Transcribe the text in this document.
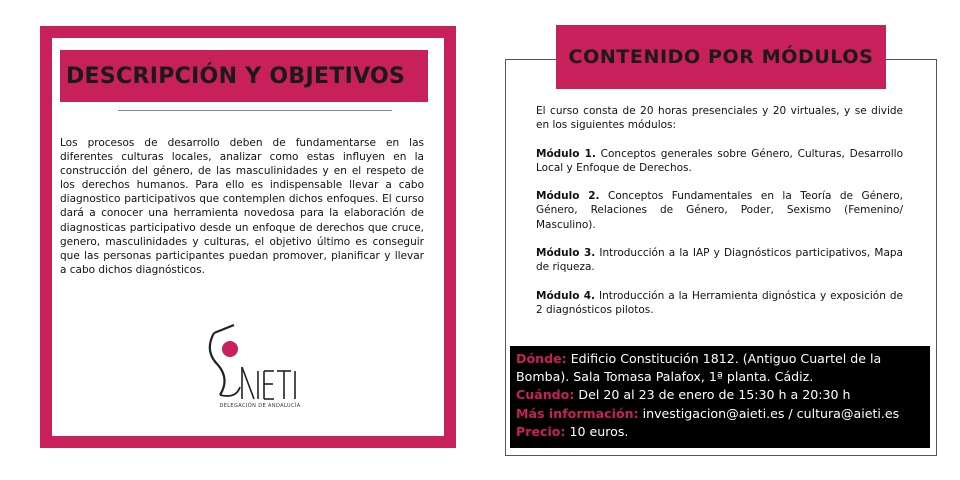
DESCRIPCIÓN Y OBJETIVOS
Los procesos de desarrollo deben de fundamentarse en las diferentes culturas locales, analizar como estas influyen en la construcción del género, de las masculinidades y en el respeto de los derechos humanos. Para ello es indispensable llevar a cabo diagnostico participativos que contemplen dichos enfoques. El curso dará a conocer una herramienta novedosa para la elaboración de diagnosticas participativo desde un enfoque de derechos que cruce, genero, masculinidades y culturas, el objetivo último es conseguir que las personas participantes puedan promover, planificar y llevar a cabo dichos diagnósticos.
DELEGACIÓN DE ANDALUCÍA
CONTENIDO POR MÓDULOS

El curso consta de 20 horas presenciales y 20 virtuales, y se divide en los siguientes módulos:

Módulo 1. Conceptos generales sobre Género, Culturas, Desarrollo Local y Enfoque de Derechos.

Módulo 2. Conceptos Fundamentales en la Teoría de Género, Género, Relaciones de Género, Poder, Sexismo (Femenino/ Masculino).

Módulo 3. Introducción a la IAP y Diagnósticos participativos, Mapa de riqueza.

Módulo 4. Introducción a la Herramienta dignóstica y exposición de 2 diagnósticos pilotos.

Dónde: Edificio Constitución 1812. (Antiguo Cuartel de la Bomba). Sala Tomasa Palafox, 1ª planta. Cádiz.
Cuándo: Del 20 al 23 de enero de 15:30 h a 20:30 h
Más información: investigacion@aieti.es / cultura@aieti.es
Precio: 10 euros.
